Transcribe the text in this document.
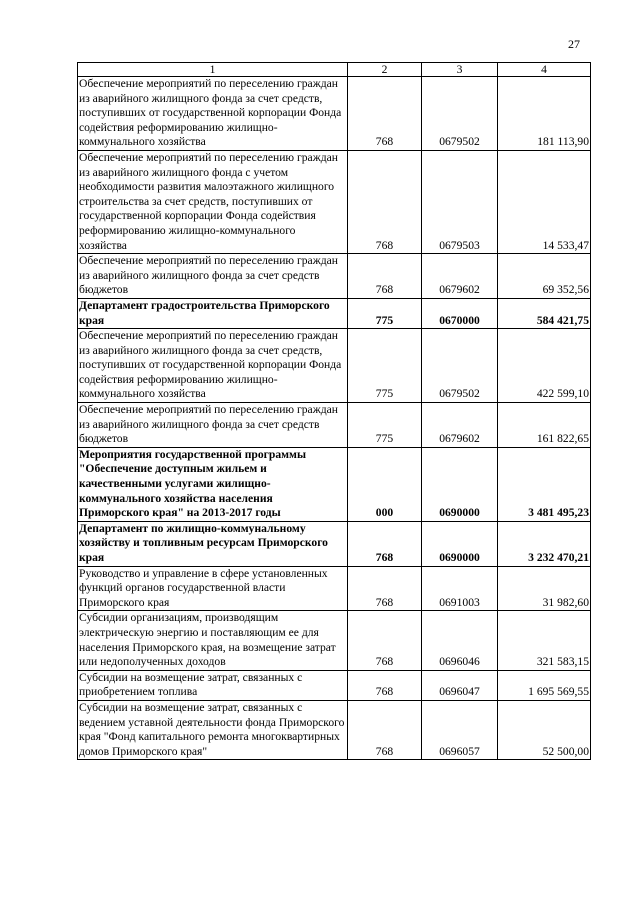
27
1	2	3	4
Обеспечение мероприятий по переселению граждан из аварийного жилищного фонда за счет средств, поступивших от государственной корпорации Фонда содействия реформированию жилищно-коммунального хозяйства	768	0679502	181 113,90
Обеспечение мероприятий по переселению граждан из аварийного жилищного фонда с учетом необходимости развития малоэтажного жилищного строительства за счет средств, поступивших от государственной корпорации Фонда содействия реформированию жилищно-коммунального хозяйства	768	0679503	14 533,47
Обеспечение мероприятий по переселению граждан из аварийного жилищного фонда за счет средств бюджетов	768	0679602	69 352,56
Департамент градостроительства Приморского края	775	0670000	584 421,75
Обеспечение мероприятий по переселению граждан из аварийного жилищного фонда за счет средств, поступивших от государственной корпорации Фонда содействия реформированию жилищно-коммунального хозяйства	775	0679502	422 599,10
Обеспечение мероприятий по переселению граждан из аварийного жилищного фонда за счет средств бюджетов	775	0679602	161 822,65
Мероприятия государственной программы "Обеспечение доступным жильем и качественными услугами жилищно-коммунального хозяйства населения Приморского края" на 2013-2017 годы	000	0690000	3 481 495,23
Департамент по жилищно-коммунальному хозяйству и топливным ресурсам Приморского края	768	0690000	3 232 470,21
Руководство и управление в сфере установленных функций органов государственной власти Приморского края	768	0691003	31 982,60
Субсидии организациям, производящим электрическую энергию и поставляющим ее для населения Приморского края, на возмещение затрат или недополученных доходов	768	0696046	321 583,15
Субсидии на возмещение затрат, связанных с приобретением топлива	768	0696047	1 695 569,55
Субсидии на возмещение затрат, связанных с ведением уставной деятельности фонда Приморского края "Фонд капитального ремонта многоквартирных домов Приморского края"	768	0696057	52 500,00
